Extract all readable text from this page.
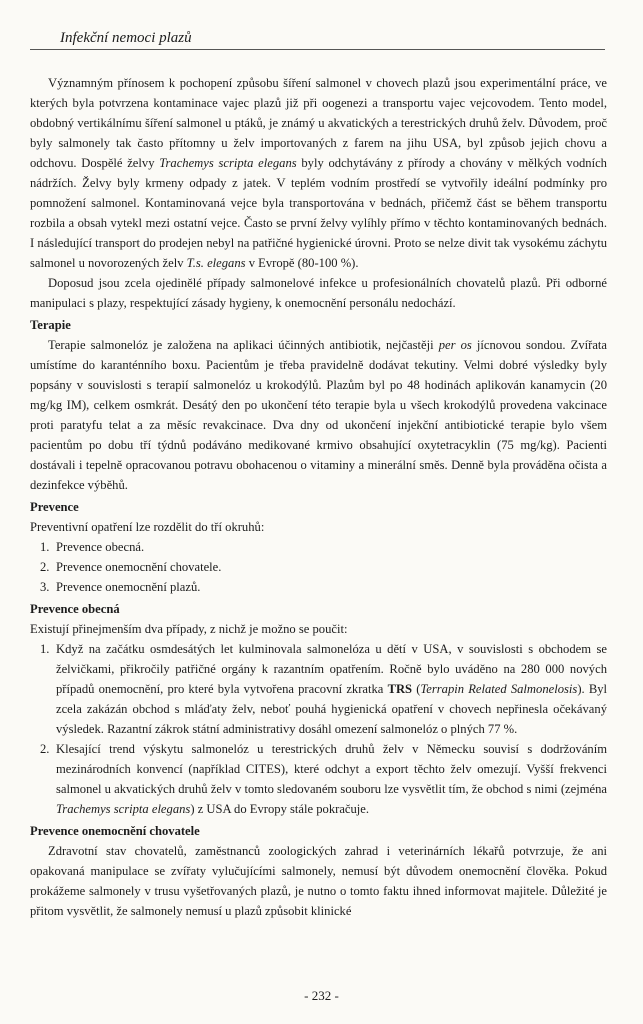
Infekční nemoci plazů

Významným přínosem k pochopení způsobu šíření salmonel v chovech plazů jsou experimentální práce, ve kterých byla potvrzena kontaminace vajec plazů již při oogenezi a transportu vajec vejcovodem. Tento model, obdobný vertikálnímu šíření salmonel u ptáků, je známý u akvatických a terestrických druhů želv. Důvodem, proč byly salmonely tak často přítomny u želv importovaných z farem na jihu USA, byl způsob jejich chovu a odchovu. Dospělé želvy Trachemys scripta elegans byly odchytávány z přírody a chovány v mělkých vodních nádržích. Želvy byly krmeny odpady z jatek. V teplém vodním prostředí se vytvořily ideální podmínky pro pomnožení salmonel. Kontaminovaná vejce byla transportována v bednách, přičemž část se během transportu rozbila a obsah vytekl mezi ostatní vejce. Často se první želvy vylíhly přímo v těchto kontaminovaných bednách. I následující transport do prodejen nebyl na patřičné hygienické úrovni. Proto se nelze divit tak vysokému záchytu salmonel u novorozených želv T.s. elegans v Evropě (80-100 %).

Doposud jsou zcela ojedinělé případy salmonelové infekce u profesionálních chovatelů plazů. Při odborné manipulaci s plazy, respektující zásady hygieny, k onemocnění personálu nedochází.

Terapie

Terapie salmonelóz je založena na aplikaci účinných antibiotik, nejčastěji per os jícnovou sondou. Zvířata umístíme do karanténního boxu. Pacientům je třeba pravidelně dodávat tekutiny. Velmi dobré výsledky byly popsány v souvislosti s terapií salmonelóz u krokodýlů. Plazům byl po 48 hodinách aplikován kanamycin (20 mg/kg IM), celkem osmkrát. Desátý den po ukončení této terapie byla u všech krokodýlů provedena vakcinace proti paratyfu telat a za měsíc revakcinace. Dva dny od ukončení injekční antibiotické terapie bylo všem pacientům po dobu tří týdnů podáváno medikované krmivo obsahující oxytetracyklin (75 mg/kg). Pacienti dostávali i tepelně opracovanou potravu obohacenou o vitaminy a minerální směs. Denně byla prováděna očista a dezinfekce výběhů.

Prevence

Preventivní opatření lze rozdělit do tří okruhů:

1. Prevence obecná.
2. Prevence onemocnění chovatele.
3. Prevence onemocnění plazů.

Prevence obecná

Existují přinejmenším dva případy, z nichž je možno se poučit:

1. Když na začátku osmdesátých let kulminovala salmonelóza u dětí v USA, v souvislosti s obchodem se želvičkami, přikročily patřičné orgány k razantním opatřením. Ročně bylo uváděno na 280 000 nových případů onemocnění, pro které byla vytvořena pracovní zkratka TRS (Terrapin Related Salmonelosis). Byl zcela zakázán obchod s mláďaty želv, neboť pouhá hygienická opatření v chovech nepřinesla očekávaný výsledek. Razantní zákrok státní administrativy dosáhl omezení salmonelóz o plných 77 %.
2. Klesající trend výskytu salmonelóz u terestrických druhů želv v Německu souvisí s dodržováním mezinárodních konvencí (například CITES), které odchyt a export těchto želv omezují. Vyšší frekvenci salmonel u akvatických druhů želv v tomto sledovaném souboru lze vysvětlit tím, že obchod s nimi (zejména Trachemys scripta elegans) z USA do Evropy stále pokračuje.

Prevence onemocnění chovatele

Zdravotní stav chovatelů, zaměstnanců zoologických zahrad i veterinárních lékařů potvrzuje, že ani opakovaná manipulace se zvířaty vylučujícími salmonely, nemusí být důvodem onemocnění člověka. Pokud prokážeme salmonely v trusu vyšetřovaných plazů, je nutno o tomto faktu ihned informovat majitele. Důležité je přitom vysvětlit, že salmonely nemusí u plazů způsobit klinické

- 232 -
